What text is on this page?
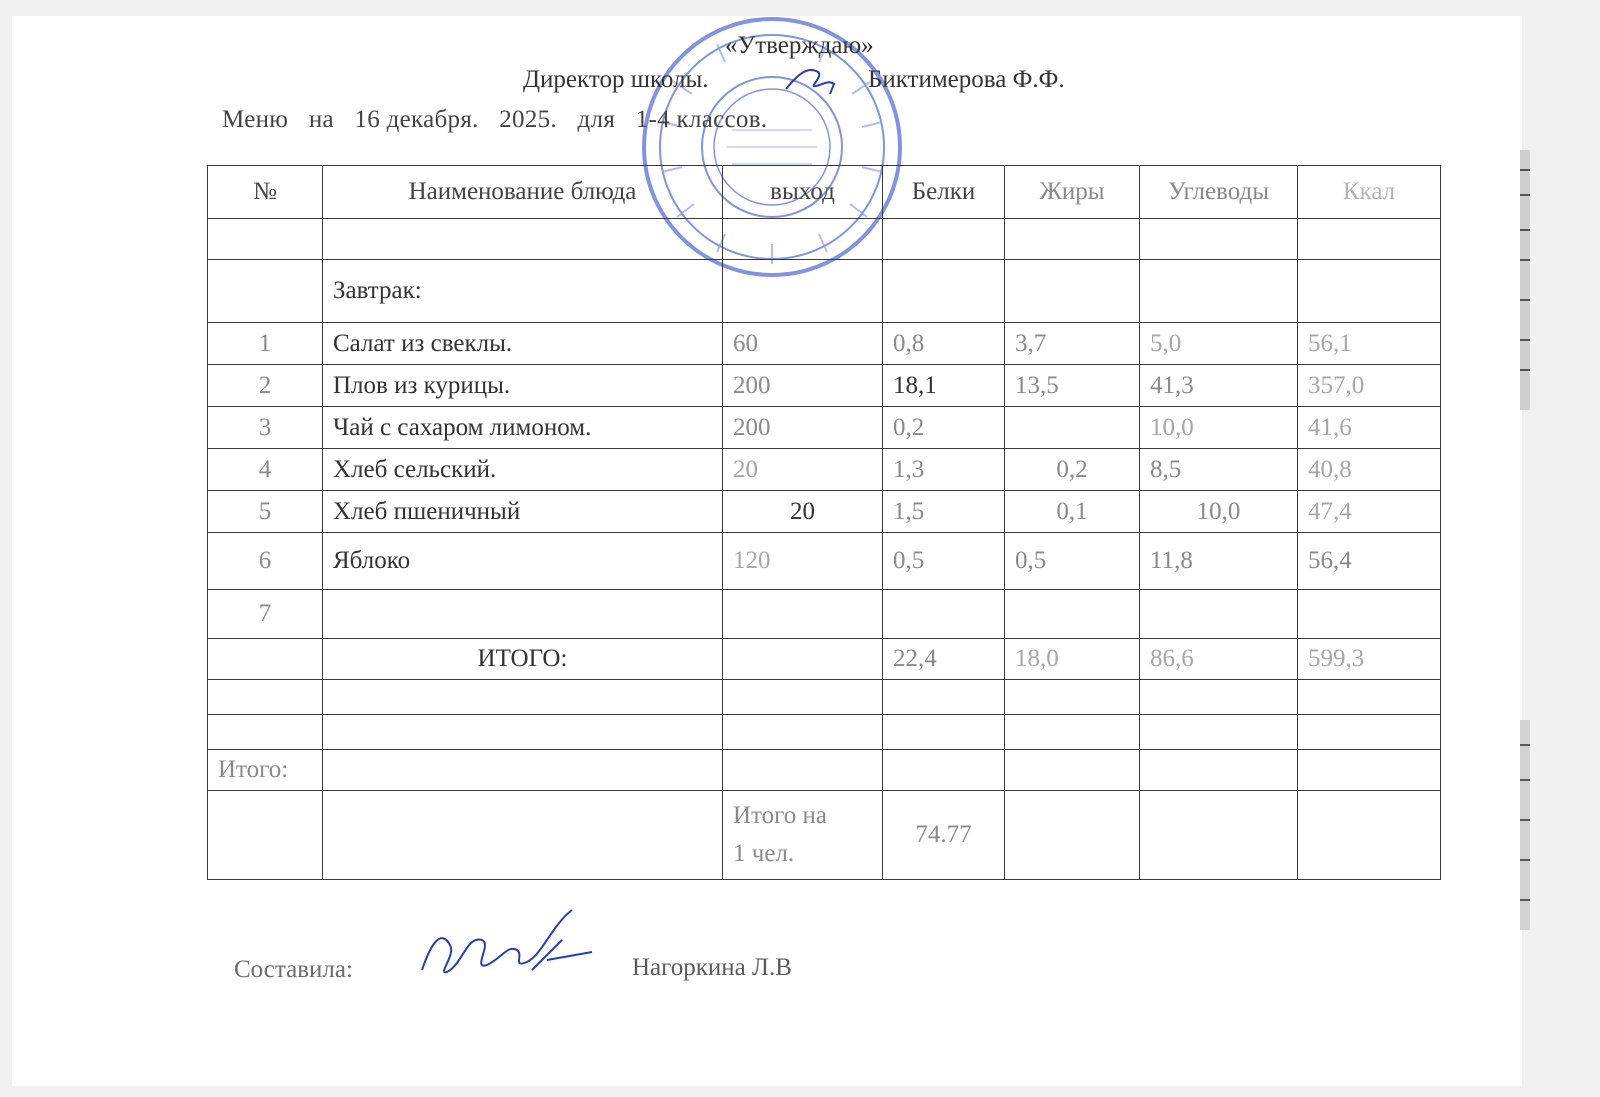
«Утверждаю»
Директор школы.	Биктимерова Ф.Ф.
Меню на 16 декабря. 2025. для 1-4 классов.
№	Наименование блюда	выход	Белки	Жиры	Углеводы	Ккал

	Завтрак:					
1	Салат из свеклы.	60	0,8	3,7	5,0	56,1
2	Плов из курицы.	200	18,1	13,5	41,3	357,0
3	Чай с сахаром лимоном.	200	0,2		10,0	41,6
4	Хлеб сельский.	20	1,3	0,2	8,5	40,8
5	Хлеб пшеничный	20	1,5	0,1	10,0	47,4
6	Яблоко	120	0,5	0,5	11,8	56,4
7						
	ИТОГО:		22,4	18,0	86,6	599,3

Итого:						
		Итого на
1 чел.	74.77			
Составила:	Нагоркина Л.В
